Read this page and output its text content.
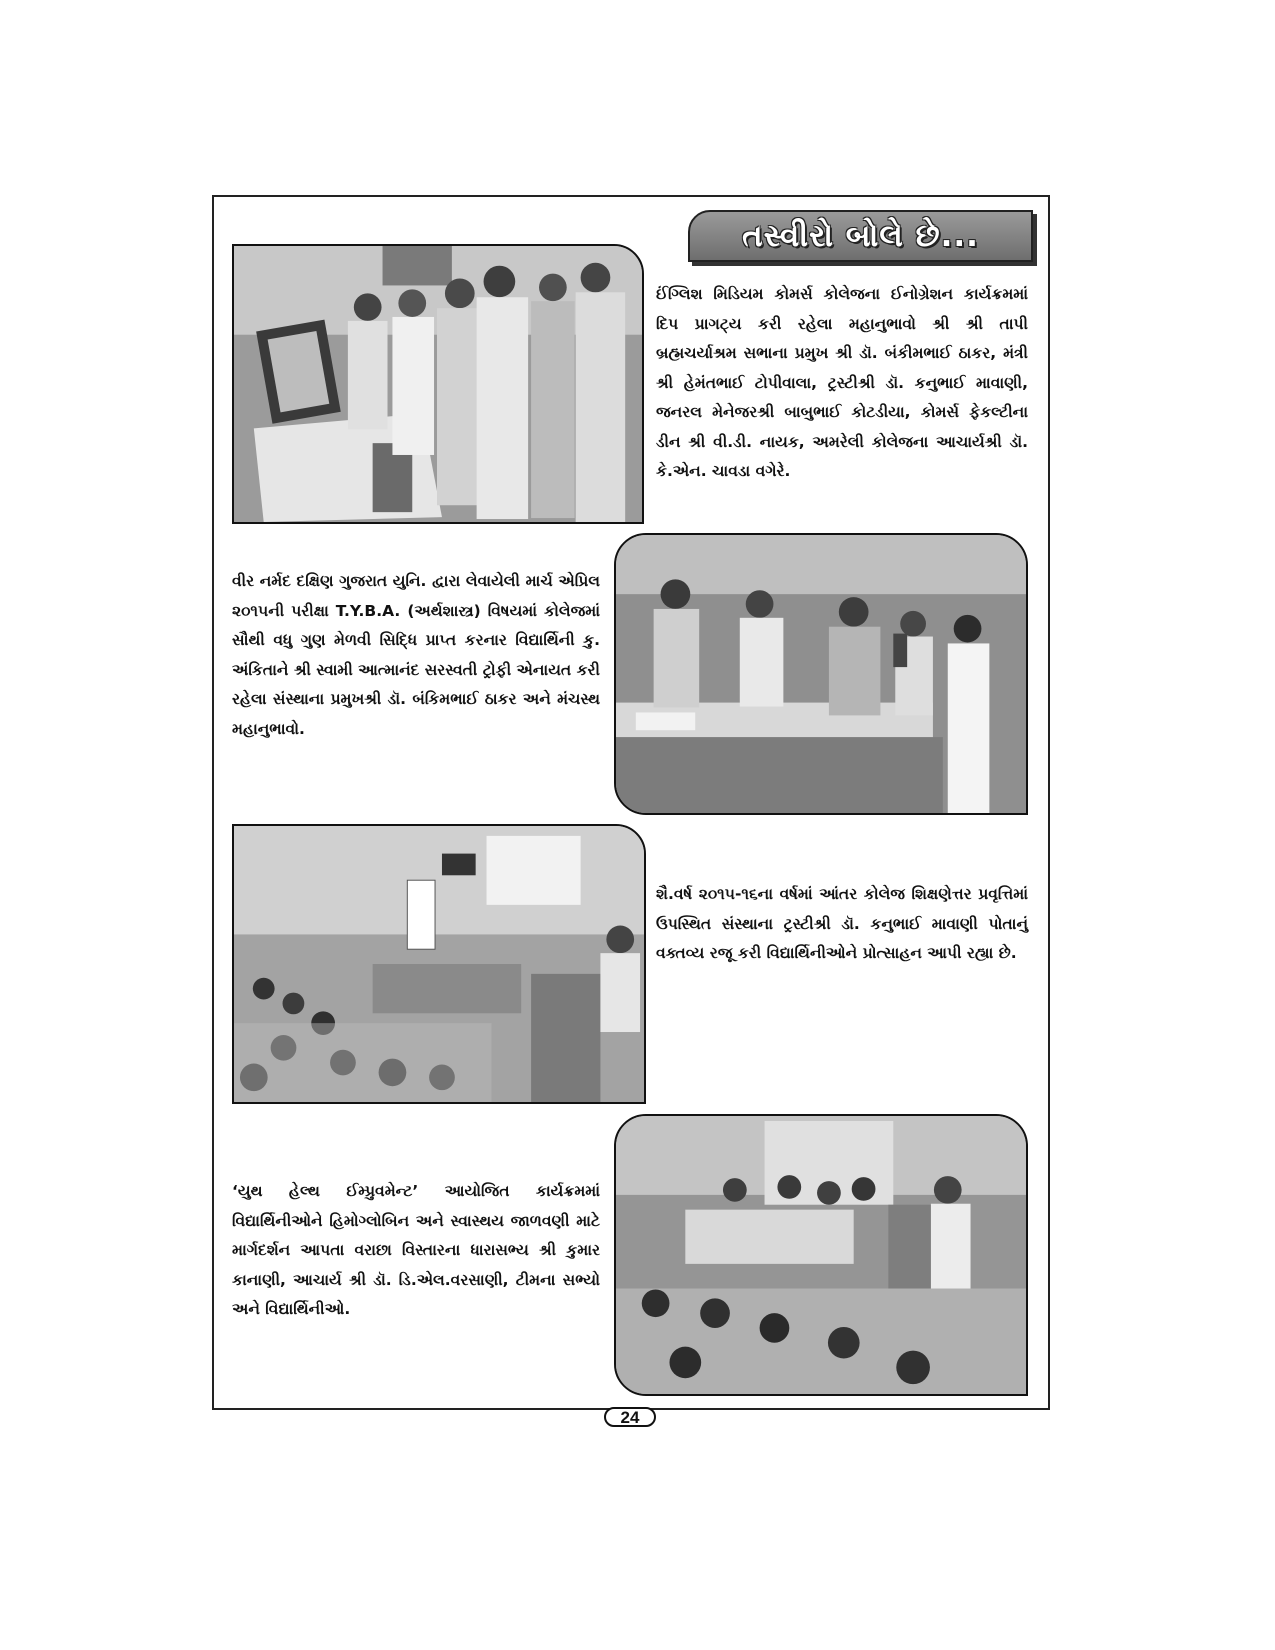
તસ્વીરો બોલે છે...

ઈંગ્લિશ મિડિયમ કોમર્સ કોલેજના ઈનોગ્રેશન કાર્યક્રમમાં દિપ પ્રાગટ્ય કરી રહેલા મહાનુભાવો શ્રી શ્રી તાપી બ્રહ્મચર્યાશ્રમ સભાના પ્રમુખ શ્રી ડૉ. બંકીમભાઈ ઠાકર, મંત્રી શ્રી હેમંતભાઈ ટોપીવાલા, ટ્રસ્ટીશ્રી ડૉ. કનુભાઈ માવાણી, જનરલ મેનેજરશ્રી બાબુભાઈ કોટડીયા, કોમર્સ ફેકલ્ટીના ડીન શ્રી વી.ડી. નાયક, અમરેલી કોલેજના આચાર્યશ્રી ડૉ. કે.એન. ચાવડા વગેરે.

વીર નર્મદ દક્ષિણ ગુજરાત યુનિ. દ્વારા લેવાયેલી માર્ચ એપ્રિલ ૨૦૧૫ની પરીક્ષા T.Y.B.A. (અર્થશાસ્ત્ર) વિષયમાં કોલેજમાં સૌથી વધુ ગુણ મેળવી સિદ્ધિ પ્રાપ્ત કરનાર વિદ્યાર્થિની કુ. અંકિતાને શ્રી સ્વામી આત્માનંદ સરસ્વતી ટ્રોફી એનાયત કરી રહેલા સંસ્થાના પ્રમુખશ્રી ડૉ. બંકિમભાઈ ઠાકર અને મંચસ્થ મહાનુભાવો.

શૈ.વર્ષ ૨૦૧૫-૧૬ના વર્ષમાં આંતર કોલેજ શિક્ષણેત્તર પ્રવૃત્તિમાં ઉપસ્થિત સંસ્થાના ટ્રસ્ટીશ્રી ડૉ. કનુભાઈ માવાણી પોતાનું વક્તવ્ય રજૂ કરી વિદ્યાર્થિનીઓને પ્રોત્સાહન આપી રહ્યા છે.

‘યુથ હેલ્થ ઈમ્પ્રુવમેન્ટ’ આયોજિત કાર્યક્રમમાં વિદ્યાર્થિનીઓને હિમોગ્લોબિન અને સ્વાસ્થય જાળવણી માટે માર્ગદર્શન આપતા વરાછા વિસ્તારના ધારાસભ્ય શ્રી કુમાર કાનાણી, આચાર્ય શ્રી ડૉ. ડિ.એલ.વરસાણી, ટીમના સભ્યો અને વિદ્યાર્થિનીઓ.

24
